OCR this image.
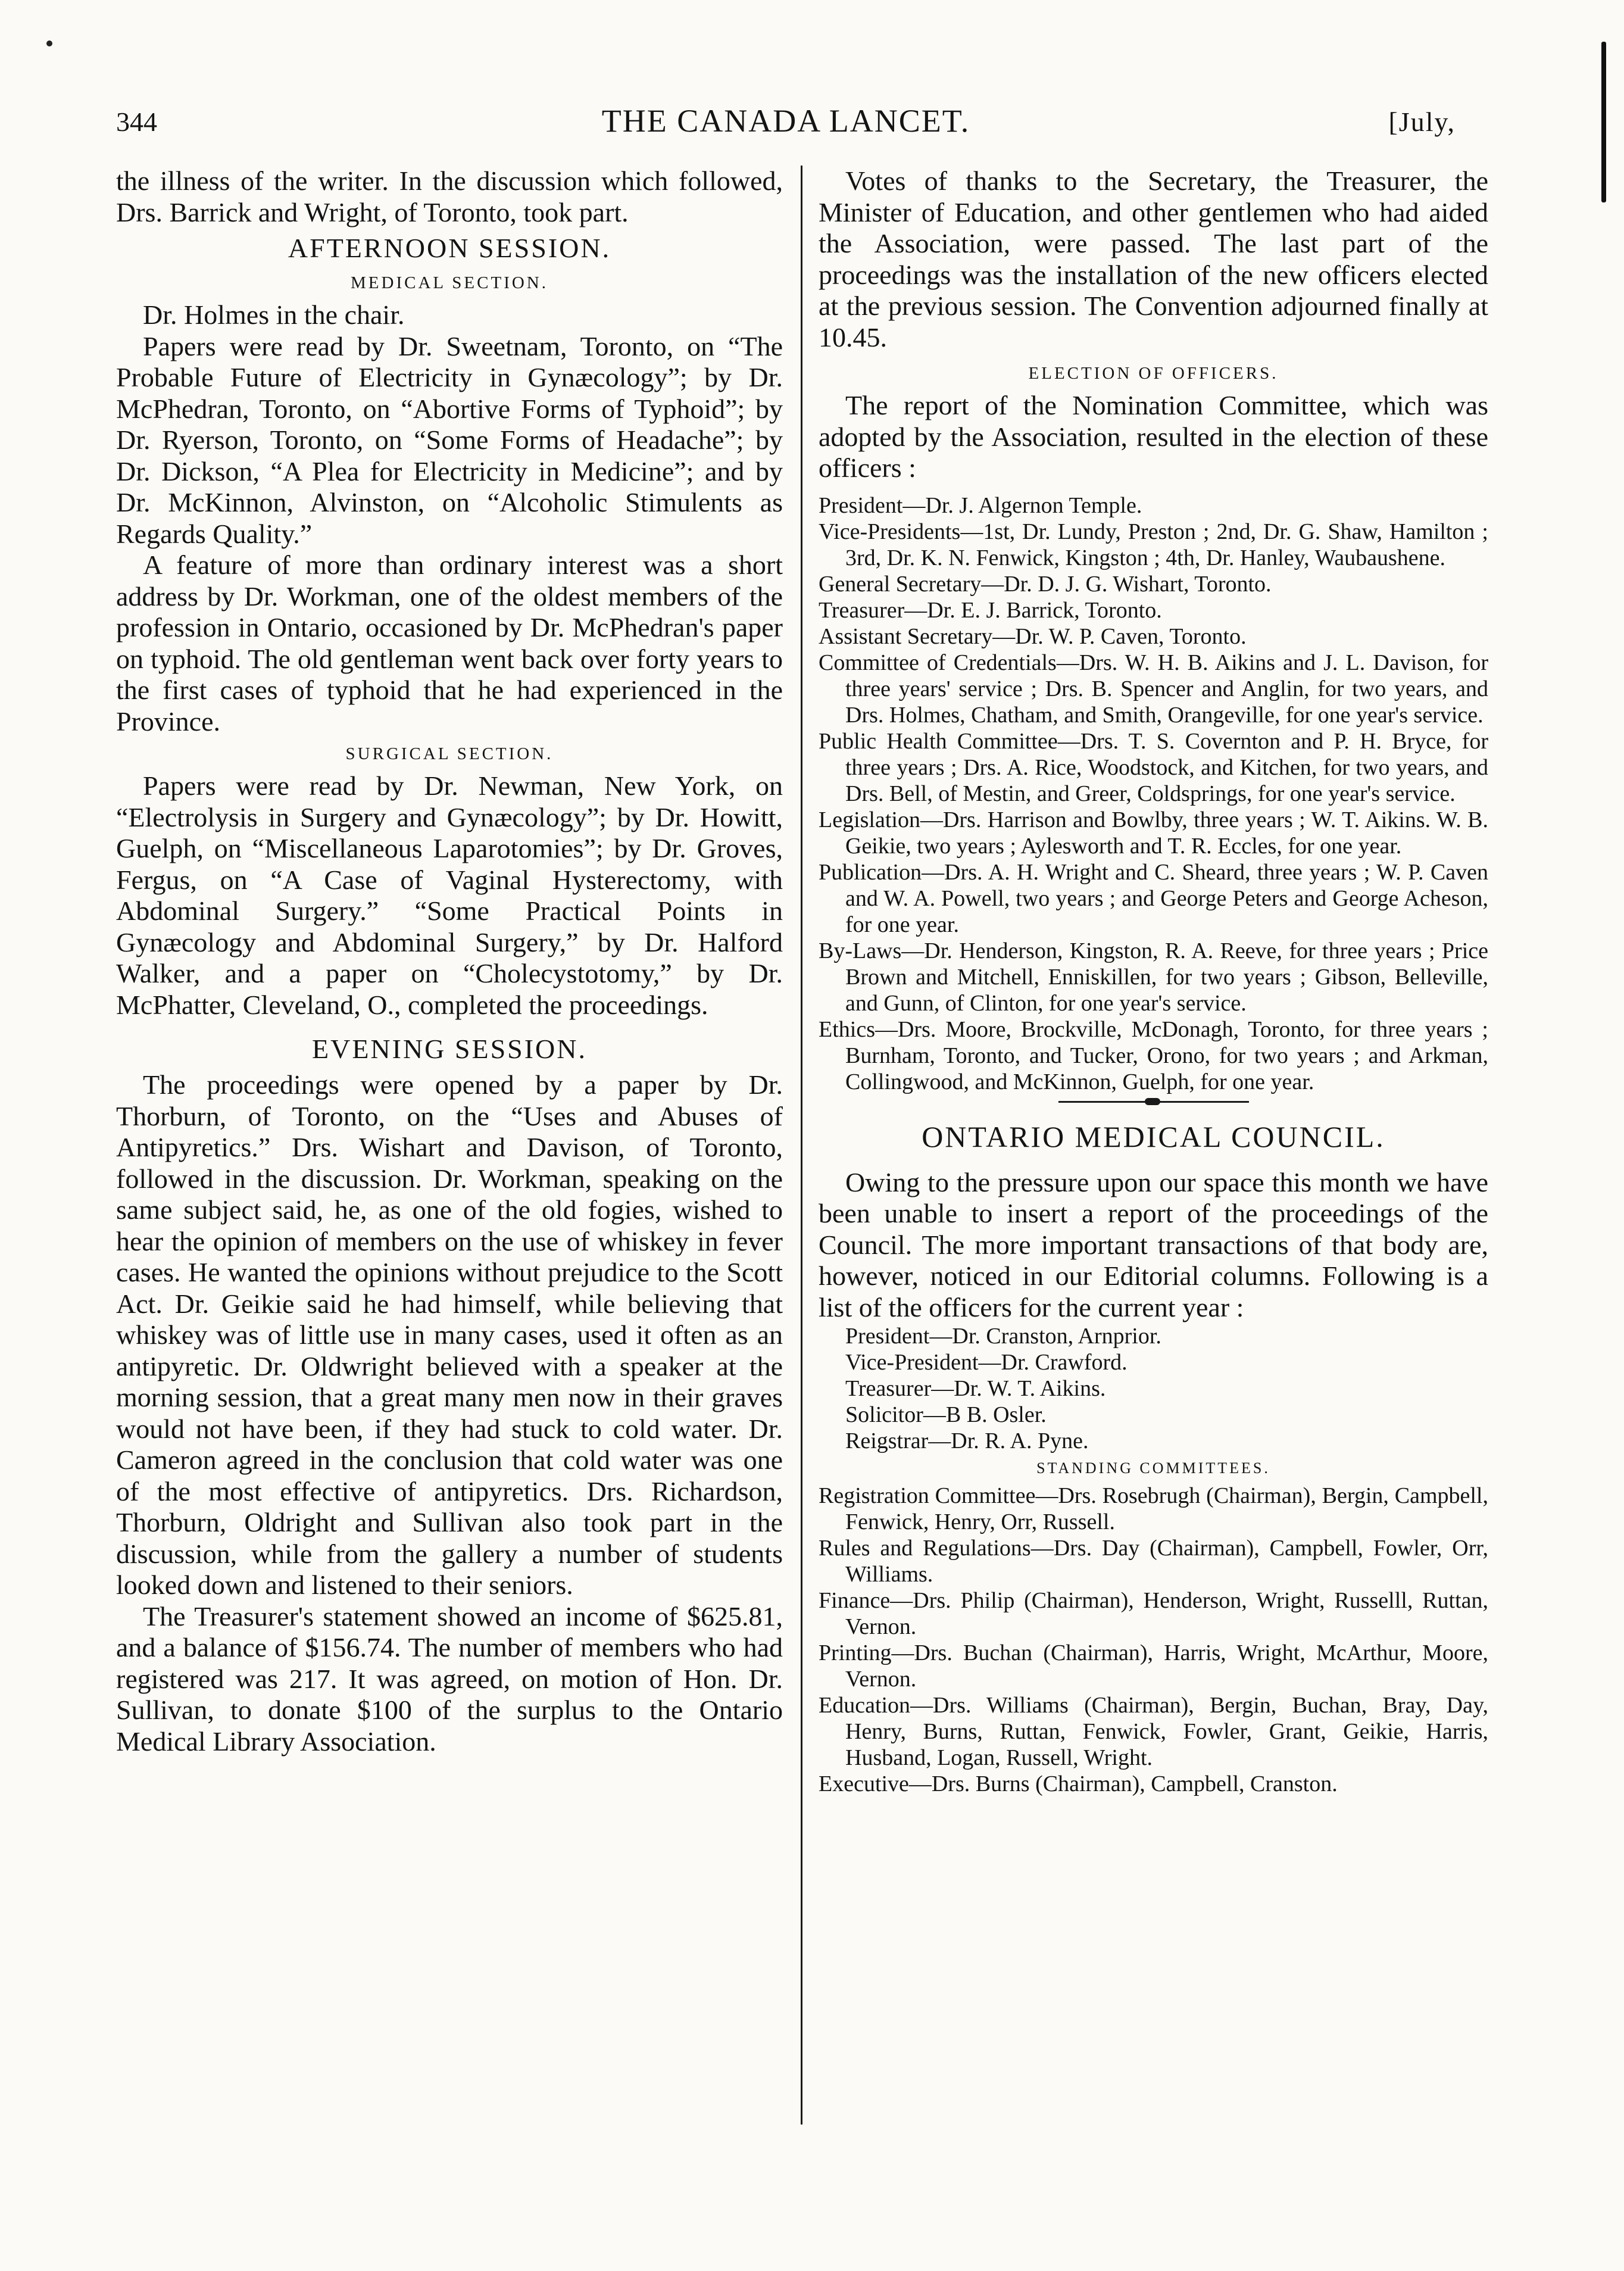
344	THE CANADA LANCET.	[July,

the illness of the writer. In the discussion which followed, Drs. Barrick and Wright, of Toronto, took part.

AFTERNOON SESSION.
MEDICAL SECTION.

Dr. Holmes in the chair.

Papers were read by Dr. Sweetnam, Toronto, on “The Probable Future of Electricity in Gynæcology”; by Dr. McPhedran, Toronto, on “Abortive Forms of Typhoid”; by Dr. Ryerson, Toronto, on “Some Forms of Headache”; by Dr. Dickson, “A Plea for Electricity in Medicine”; and by Dr. McKinnon, Alvinston, on “Alcoholic Stimulents as Regards Quality.”

A feature of more than ordinary interest was a short address by Dr. Workman, one of the oldest members of the profession in Ontario, occasioned by Dr. McPhedran's paper on typhoid. The old gentleman went back over forty years to the first cases of typhoid that he had experienced in the Province.

SURGICAL SECTION.

Papers were read by Dr. Newman, New York, on “Electrolysis in Surgery and Gynæcology”; by Dr. Howitt, Guelph, on “Miscellaneous Laparotomies”; by Dr. Groves, Fergus, on “A Case of Vaginal Hysterectomy, with Abdominal Surgery.” “Some Practical Points in Gynæcology and Abdominal Surgery,” by Dr. Halford Walker, and a paper on “Cholecystotomy,” by Dr. McPhatter, Cleveland, O., completed the proceedings.

EVENING SESSION.

The proceedings were opened by a paper by Dr. Thorburn, of Toronto, on the “Uses and Abuses of Antipyretics.” Drs. Wishart and Davison, of Toronto, followed in the discussion. Dr. Workman, speaking on the same subject said, he, as one of the old fogies, wished to hear the opinion of members on the use of whiskey in fever cases. He wanted the opinions without prejudice to the Scott Act. Dr. Geikie said he had himself, while believing that whiskey was of little use in many cases, used it often as an antipyretic. Dr. Oldwright believed with a speaker at the morning session, that a great many men now in their graves would not have been, if they had stuck to cold water. Dr. Cameron agreed in the conclusion that cold water was one of the most effective of antipyretics. Drs. Richardson, Thorburn, Oldright and Sullivan also took part in the discussion, while from the gallery a number of students looked down and listened to their seniors.

The Treasurer's statement showed an income of $625.81, and a balance of $156.74. The number of members who had registered was 217. It was agreed, on motion of Hon. Dr. Sullivan, to donate $100 of the surplus to the Ontario Medical Library Association.

Votes of thanks to the Secretary, the Treasurer, the Minister of Education, and other gentlemen who had aided the Association, were passed. The last part of the proceedings was the installation of the new officers elected at the previous session. The Convention adjourned finally at 10.45.

ELECTION OF OFFICERS.

The report of the Nomination Committee, which was adopted by the Association, resulted in the election of these officers :

President—Dr. J. Algernon Temple.

Vice-Presidents—1st, Dr. Lundy, Preston ; 2nd, Dr. G. Shaw, Hamilton ; 3rd, Dr. K. N. Fenwick, Kingston ; 4th, Dr. Hanley, Waubaushene.

General Secretary—Dr. D. J. G. Wishart, Toronto.

Treasurer—Dr. E. J. Barrick, Toronto.

Assistant Secretary—Dr. W. P. Caven, Toronto.

Committee of Credentials—Drs. W. H. B. Aikins and J. L. Davison, for three years' service ; Drs. B. Spencer and Anglin, for two years, and Drs. Holmes, Chatham, and Smith, Orangeville, for one year's service.

Public Health Committee—Drs. T. S. Covernton and P. H. Bryce, for three years ; Drs. A. Rice, Woodstock, and Kitchen, for two years, and Drs. Bell, of Mestin, and Greer, Coldsprings, for one year's service.

Legislation—Drs. Harrison and Bowlby, three years ; W. T. Aikins. W. B. Geikie, two years ; Aylesworth and T. R. Eccles, for one year.

Publication—Drs. A. H. Wright and C. Sheard, three years ; W. P. Caven and W. A. Powell, two years ; and George Peters and George Acheson, for one year.

By-Laws—Dr. Henderson, Kingston, R. A. Reeve, for three years ; Price Brown and Mitchell, Enniskillen, for two years ; Gibson, Belleville, and Gunn, of Clinton, for one year's service.

Ethics—Drs. Moore, Brockville, McDonagh, Toronto, for three years ; Burnham, Toronto, and Tucker, Orono, for two years ; and Arkman, Collingwood, and McKinnon, Guelph, for one year.

ONTARIO MEDICAL COUNCIL.

Owing to the pressure upon our space this month we have been unable to insert a report of the proceedings of the Council. The more important transactions of that body are, however, noticed in our Editorial columns. Following is a list of the officers for the current year :

President—Dr. Cranston, Arnprior.

Vice-President—Dr. Crawford.

Treasurer—Dr. W. T. Aikins.

Solicitor—B B. Osler.

Reigstrar—Dr. R. A. Pyne.

STANDING COMMITTEES.

Registration Committee—Drs. Rosebrugh (Chairman), Bergin, Campbell, Fenwick, Henry, Orr, Russell.

Rules and Regulations—Drs. Day (Chairman), Campbell, Fowler, Orr, Williams.

Finance—Drs. Philip (Chairman), Henderson, Wright, Russelll, Ruttan, Vernon.

Printing—Drs. Buchan (Chairman), Harris, Wright, McArthur, Moore, Vernon.

Education—Drs. Williams (Chairman), Bergin, Buchan, Bray, Day, Henry, Burns, Ruttan, Fenwick, Fowler, Grant, Geikie, Harris, Husband, Logan, Russell, Wright.

Executive—Drs. Burns (Chairman), Campbell, Cranston.
